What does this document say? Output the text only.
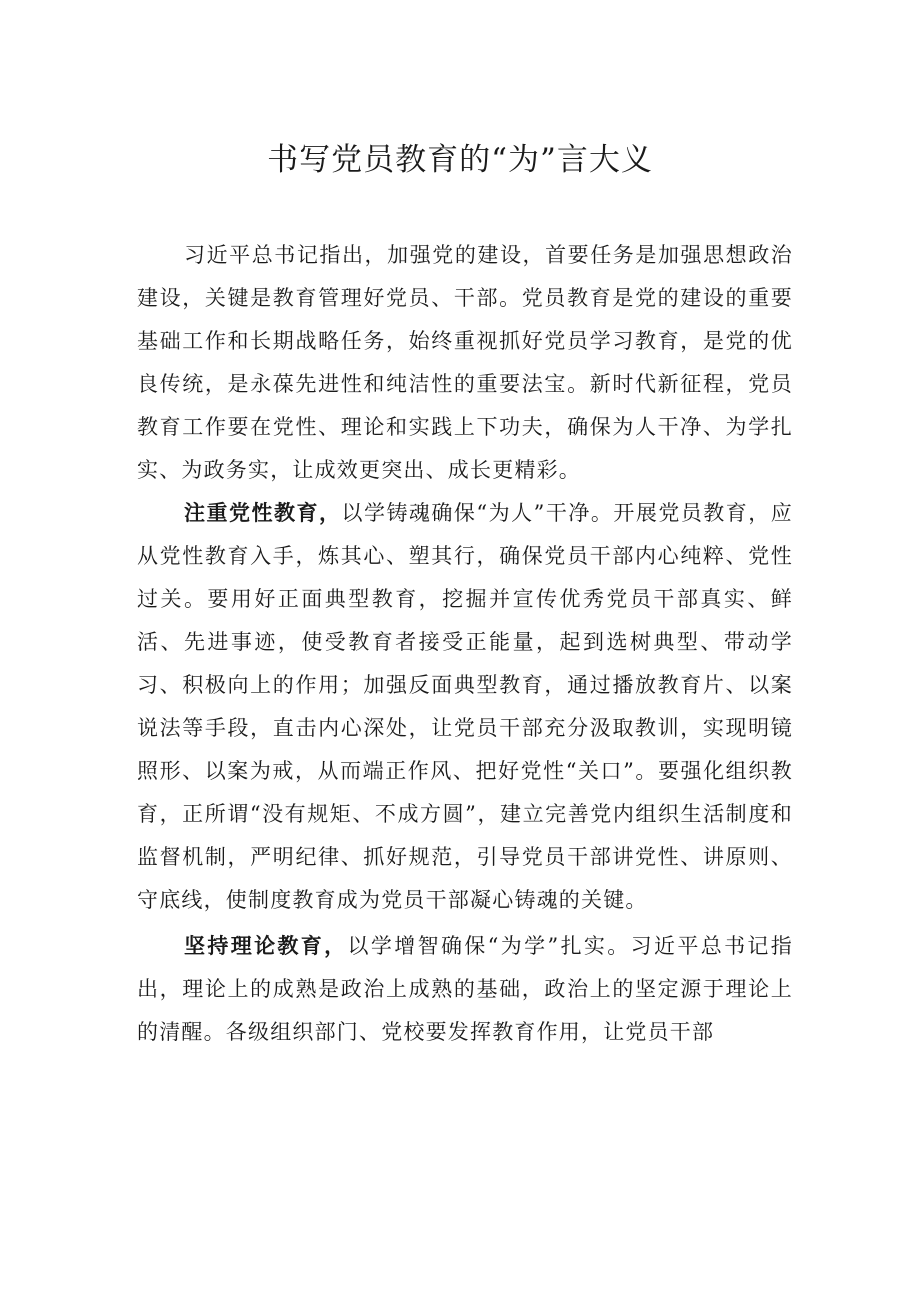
书写党员教育的“为”言大义

习近平总书记指出，加强党的建设，首要任务是加强思想政治建设，关键是教育管理好党员、干部。党员教育是党的建设的重要基础工作和长期战略任务，始终重视抓好党员学习教育，是党的优良传统，是永葆先进性和纯洁性的重要法宝。新时代新征程，党员教育工作要在党性、理论和实践上下功夫，确保为人干净、为学扎实、为政务实，让成效更突出、成长更精彩。

注重党性教育，以学铸魂确保“为人”干净。开展党员教育，应从党性教育入手，炼其心、塑其行，确保党员干部内心纯粹、党性过关。要用好正面典型教育，挖掘并宣传优秀党员干部真实、鲜活、先进事迹，使受教育者接受正能量，起到选树典型、带动学习、积极向上的作用；加强反面典型教育，通过播放教育片、以案说法等手段，直击内心深处，让党员干部充分汲取教训，实现明镜照形、以案为戒，从而端正作风、把好党性“关口”。要强化组织教育，正所谓“没有规矩、不成方圆”，建立完善党内组织生活制度和监督机制，严明纪律、抓好规范，引导党员干部讲党性、讲原则、守底线，使制度教育成为党员干部凝心铸魂的关键。

坚持理论教育，以学增智确保“为学”扎实。习近平总书记指出，理论上的成熟是政治上成熟的基础，政治上的坚定源于理论上的清醒。各级组织部门、党校要发挥教育作用，让党员干部
